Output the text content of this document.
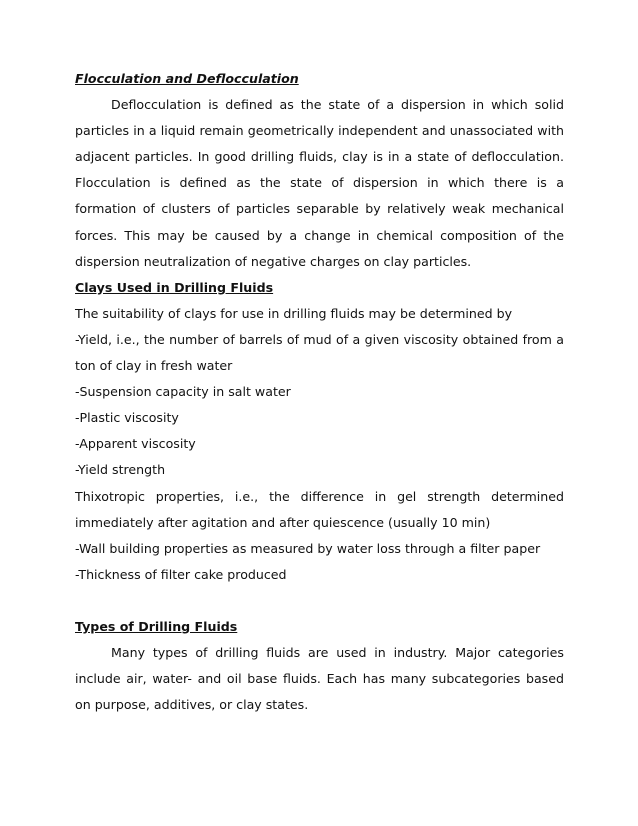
Flocculation and Deflocculation

Deflocculation is defined as the state of a dispersion in which solid particles in a liquid remain geometrically independent and unassociated with adjacent particles. In good drilling fluids, clay is in a state of deflocculation. Flocculation is defined as the state of dispersion in which there is a formation of clusters of particles separable by relatively weak mechanical forces. This may be caused by a change in chemical composition of the dispersion neutralization of negative charges on clay particles.

Clays Used in Drilling Fluids

The suitability of clays for use in drilling fluids may be determined by

-Yield, i.e., the number of barrels of mud of a given viscosity obtained from a ton of clay in fresh water

-Suspension capacity in salt water

-Plastic viscosity

-Apparent viscosity

-Yield strength

Thixotropic properties, i.e., the difference in gel strength determined immediately after agitation and after quiescence (usually 10 min)

-Wall building properties as measured by water loss through a filter paper

-Thickness of filter cake produced

Types of Drilling Fluids

Many types of drilling fluids are used in industry. Major categories include air, water- and oil base fluids. Each has many subcategories based on purpose, additives, or clay states.
